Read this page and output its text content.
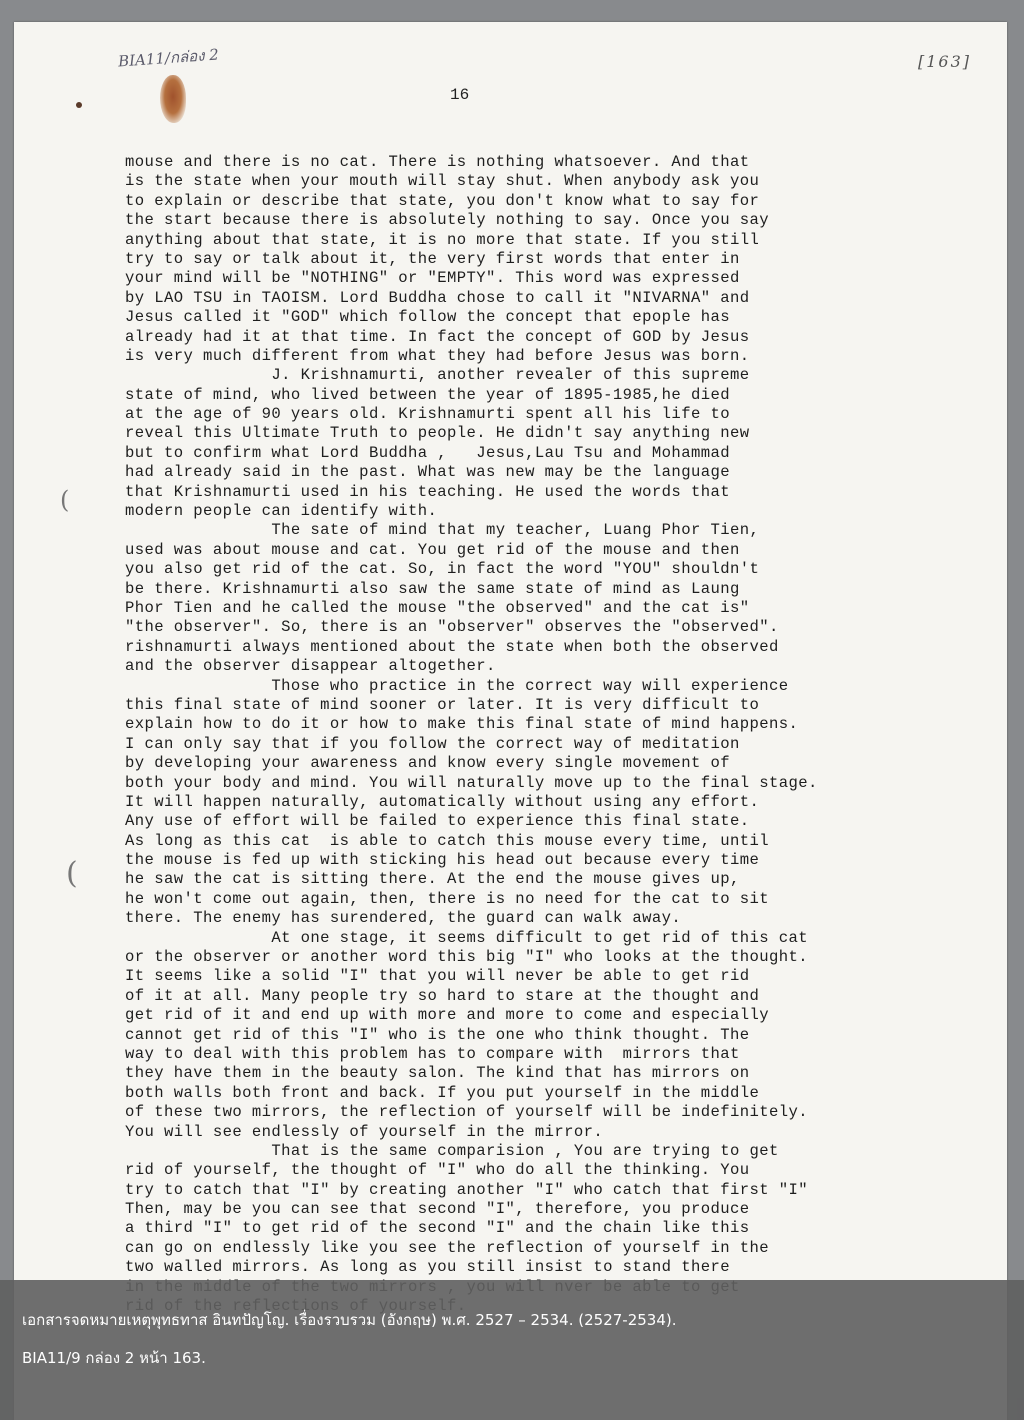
BIA11/กล่อง 2	[163]
16
(
(
mouse and there is no cat. There is nothing whatsoever. And that
is the state when your mouth will stay shut. When anybody ask you
to explain or describe that state, you don't know what to say for
the start because there is absolutely nothing to say. Once you say
anything about that state, it is no more that state. If you still
try to say or talk about it, the very first words that enter in
your mind will be "NOTHING" or "EMPTY". This word was expressed
by LAO TSU in TAOISM. Lord Buddha chose to call it "NIVARNA" and
Jesus called it "GOD" which follow the concept that epople has
already had it at that time. In fact the concept of GOD by Jesus
is very much different from what they had before Jesus was born.
J. Krishnamurti, another revealer of this supreme
state of mind, who lived between the year of 1895-1985,he died
at the age of 90 years old. Krishnamurti spent all his life to
reveal this Ultimate Truth to people. He didn't say anything new
but to confirm what Lord Buddha ,   Jesus,Lau Tsu and Mohammad
had already said in the past. What was new may be the language
that Krishnamurti used in his teaching. He used the words that
modern people can identify with.
The sate of mind that my teacher, Luang Phor Tien,
used was about mouse and cat. You get rid of the mouse and then
you also get rid of the cat. So, in fact the word "YOU" shouldn't
be there. Krishnamurti also saw the same state of mind as Laung
Phor Tien and he called the mouse "the observed" and the cat is"
"the observer". So, there is an "observer" observes the "observed".
rishnamurti always mentioned about the state when both the observed
and the observer disappear altogether.
Those who practice in the correct way will experience
this final state of mind sooner or later. It is very difficult to
explain how to do it or how to make this final state of mind happens.
I can only say that if you follow the correct way of meditation
by developing your awareness and know every single movement of
both your body and mind. You will naturally move up to the final stage.
It will happen naturally, automatically without using any effort.
Any use of effort will be failed to experience this final state.
As long as this cat  is able to catch this mouse every time, until
the mouse is fed up with sticking his head out because every time
he saw the cat is sitting there. At the end the mouse gives up,
he won't come out again, then, there is no need for the cat to sit
there. The enemy has surendered, the guard can walk away.
At one stage, it seems difficult to get rid of this cat
or the observer or another word this big "I" who looks at the thought.
It seems like a solid "I" that you will never be able to get rid
of it at all. Many people try so hard to stare at the thought and
get rid of it and end up with more and more to come and especially
cannot get rid of this "I" who is the one who think thought. The
way to deal with this problem has to compare with  mirrors that
they have them in the beauty salon. The kind that has mirrors on
both walls both front and back. If you put yourself in the middle
of these two mirrors, the reflection of yourself will be indefinitely.
You will see endlessly of yourself in the mirror.
That is the same comparision , You are trying to get
rid of yourself, the thought of "I" who do all the thinking. You
try to catch that "I" by creating another "I" who catch that first "I"
Then, may be you can see that second "I", therefore, you produce
a third "I" to get rid of the second "I" and the chain like this
can go on endlessly like you see the reflection of yourself in the
two walled mirrors. As long as you still insist to stand there
เอกสารจดหมายเหตุพุทธทาส อินทปัญโญ. เรื่องรวบรวม (อังกฤษ) พ.ศ. 2527 – 2534. (2527-2534).
BIA11/9 กล่อง 2 หน้า 163.
